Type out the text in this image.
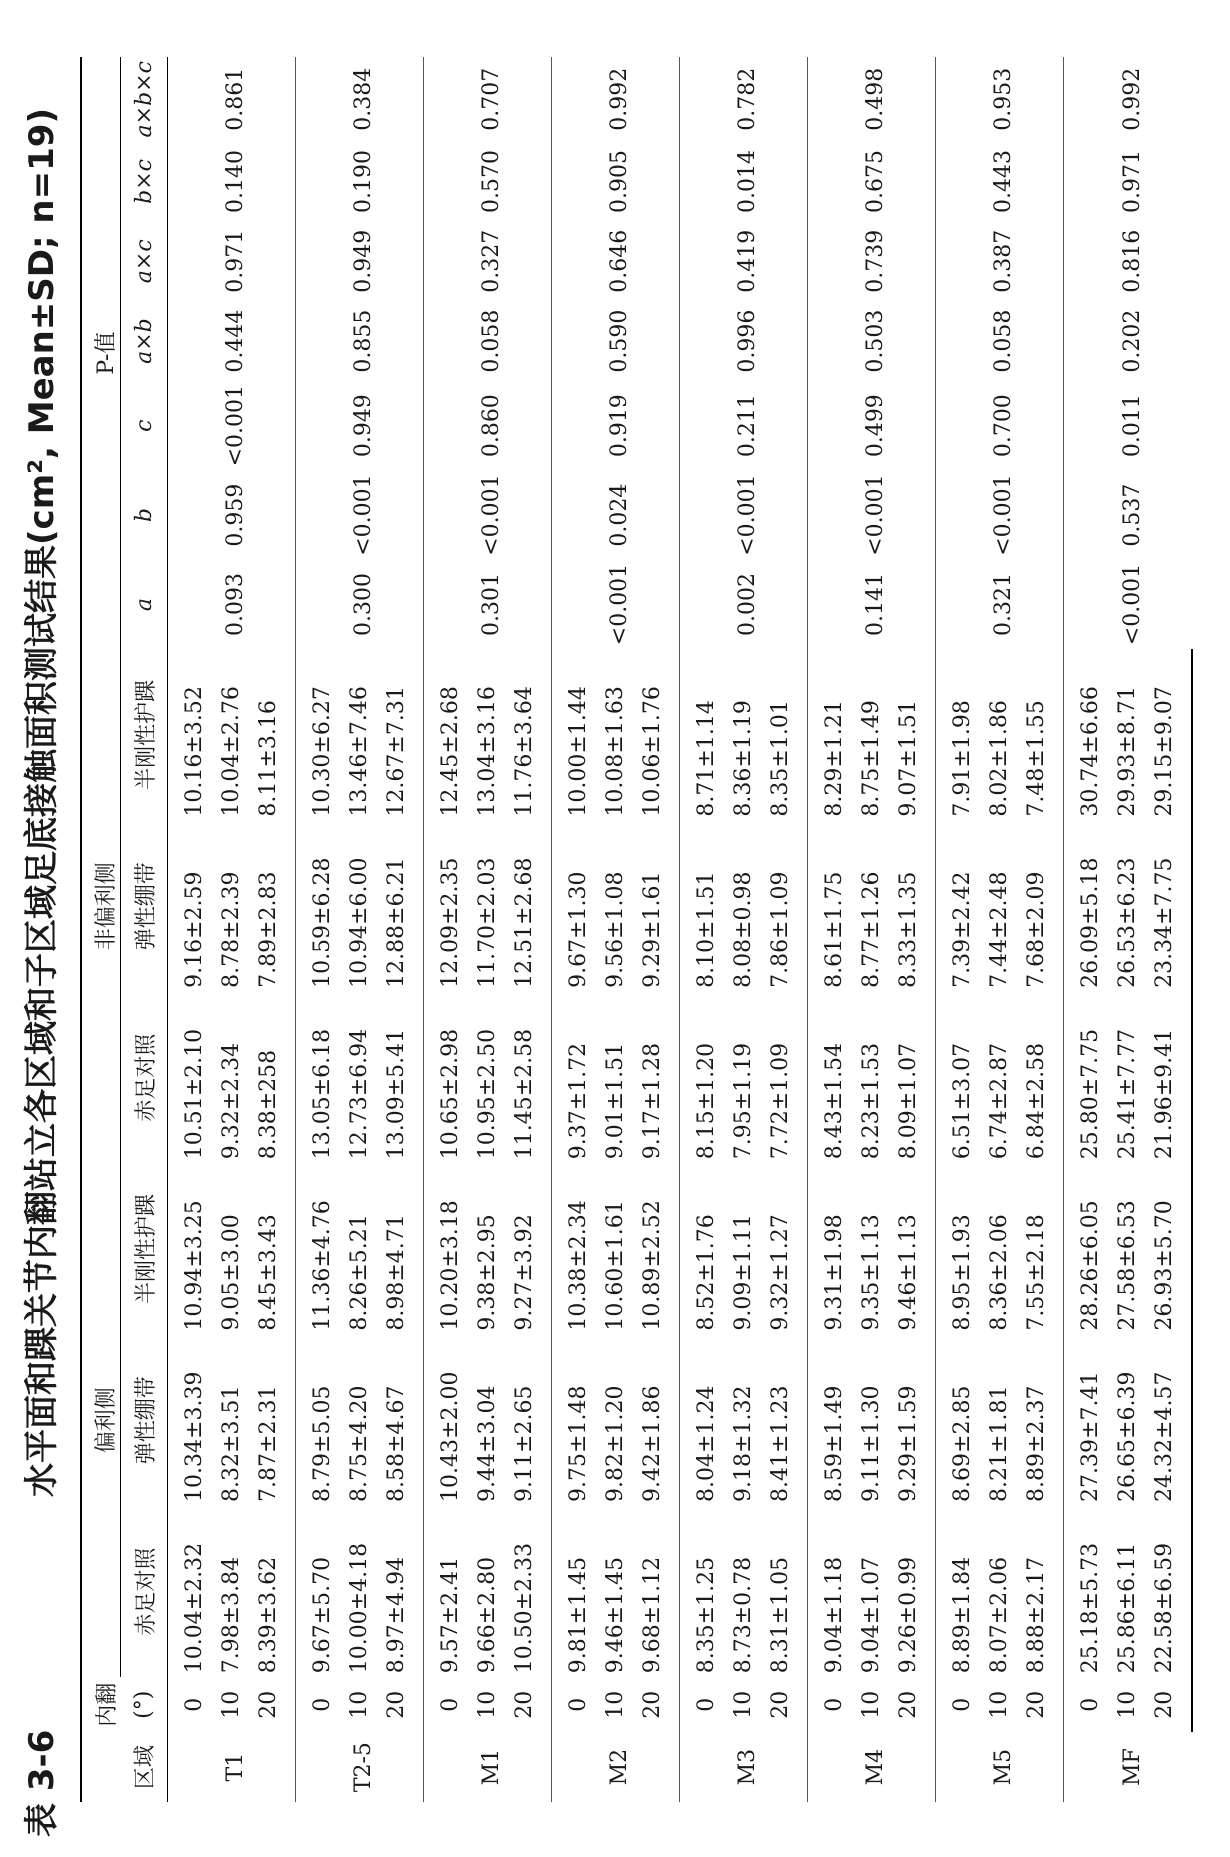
表 3-6
水平面和踝关节内翻站立各区域和子区域足底接触面积测试结果(cm², Mean±SD; n=19)
	内翻	偏利侧			非偏利侧			P-值						
区域	(°)	赤足对照	弹性绷带	半刚性护踝	赤足对照	弹性绷带	半刚性护踝	a	b	c	a×b	a×c	b×c	a×b×c
T1	0	10.04±2.32	10.34±3.39	10.94±3.25	10.51±2.10	9.16±2.59	10.16±3.52	0.093	0.959	<0.001	0.444	0.971	0.140	0.861
	10	7.98±3.84	8.32±3.51	9.05±3.00	9.32±2.34	8.78±2.39	10.04±2.76							
	20	8.39±3.62	7.87±2.31	8.45±3.43	8.38±258	7.89±2.83	8.11±3.16							
T2-5	0	9.67±5.70	8.79±5.05	11.36±4.76	13.05±6.18	10.59±6.28	10.30±6.27	0.300	<0.001	0.949	0.855	0.949	0.190	0.384
	10	10.00±4.18	8.75±4.20	8.26±5.21	12.73±6.94	10.94±6.00	13.46±7.46							
	20	8.97±4.94	8.58±4.67	8.98±4.71	13.09±5.41	12.88±6.21	12.67±7.31							
M1	0	9.57±2.41	10.43±2.00	10.20±3.18	10.65±2.98	12.09±2.35	12.45±2.68	0.301	<0.001	0.860	0.058	0.327	0.570	0.707
	10	9.66±2.80	9.44±3.04	9.38±2.95	10.95±2.50	11.70±2.03	13.04±3.16							
	20	10.50±2.33	9.11±2.65	9.27±3.92	11.45±2.58	12.51±2.68	11.76±3.64							
M2	0	9.81±1.45	9.75±1.48	10.38±2.34	9.37±1.72	9.67±1.30	10.00±1.44	<0.001	0.024	0.919	0.590	0.646	0.905	0.992
	10	9.46±1.45	9.82±1.20	10.60±1.61	9.01±1.51	9.56±1.08	10.08±1.63							
	20	9.68±1.12	9.42±1.86	10.89±2.52	9.17±1.28	9.29±1.61	10.06±1.76							
M3	0	8.35±1.25	8.04±1.24	8.52±1.76	8.15±1.20	8.10±1.51	8.71±1.14	0.002	<0.001	0.211	0.996	0.419	0.014	0.782
	10	8.73±0.78	9.18±1.32	9.09±1.11	7.95±1.19	8.08±0.98	8.36±1.19							
	20	8.31±1.05	8.41±1.23	9.32±1.27	7.72±1.09	7.86±1.09	8.35±1.01							
M4	0	9.04±1.18	8.59±1.49	9.31±1.98	8.43±1.54	8.61±1.75	8.29±1.21	0.141	<0.001	0.499	0.503	0.739	0.675	0.498
	10	9.04±1.07	9.11±1.30	9.35±1.13	8.23±1.53	8.77±1.26	8.75±1.49							
	20	9.26±0.99	9.29±1.59	9.46±1.13	8.09±1.07	8.33±1.35	9.07±1.51							
M5	0	8.89±1.84	8.69±2.85	8.95±1.93	6.51±3.07	7.39±2.42	7.91±1.98	0.321	<0.001	0.700	0.058	0.387	0.443	0.953
	10	8.07±2.06	8.21±1.81	8.36±2.06	6.74±2.87	7.44±2.48	8.02±1.86							
	20	8.88±2.17	8.89±2.37	7.55±2.18	6.84±2.58	7.68±2.09	7.48±1.55							
MF	0	25.18±5.73	27.39±7.41	28.26±6.05	25.80±7.75	26.09±5.18	30.74±6.66	<0.001	0.537	0.011	0.202	0.816	0.971	0.992
	10	25.86±6.11	26.65±6.39	27.58±6.53	25.41±7.77	26.53±6.23	29.93±8.71							
	20	22.58±6.59	24.32±4.57	26.93±5.70	21.96±9.41	23.34±7.75	29.15±9.07							
